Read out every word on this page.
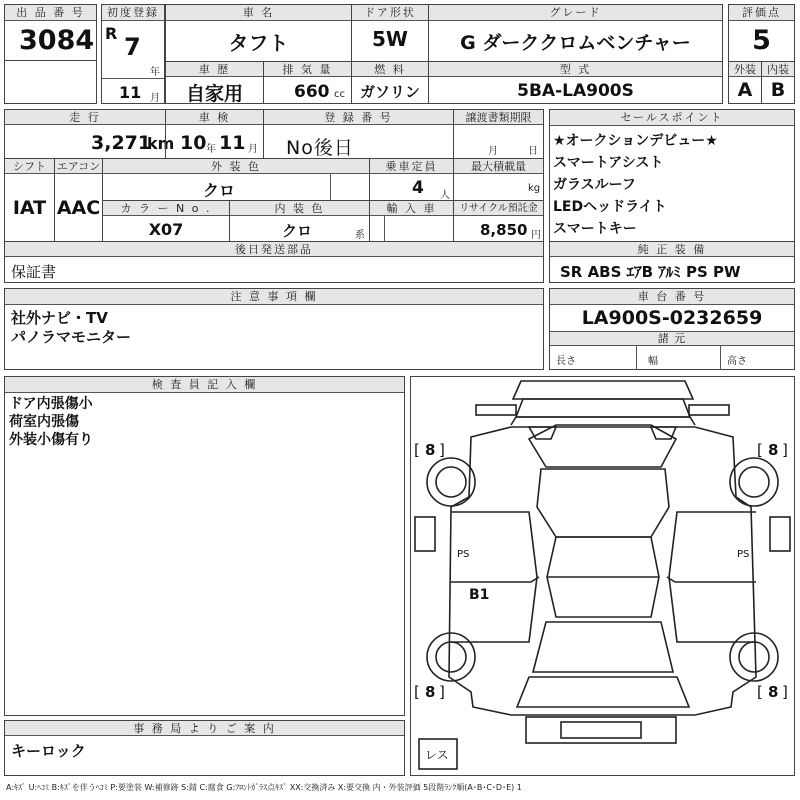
出 品 番 号
3084
初度登録
R 7
年
11 月
車 名
タフト
ドア形状
5W
グレード
G ダーククロムベンチャー
評価点
5
車 歴
自家用
排 気 量
660 cc
燃 料
ガソリン
型 式
5BA-LA900S
外装
A
内装
B
走 行
3,271
km
車 検
10 年 11 月
登 録 番 号
No後日
譲渡書類期限
月	日
シフト
IAT
エアコン
AAC
外 装 色
クロ
乗車定員
4 人
最大積載量
kg
カ ラ ー N o .
X07
内 装 色
クロ	系
輸 入 車	リサイクル預託金
8,850 円
後日発送部品
保証書
セールスポイント
★オークションデビュー★
スマートアシスト
ガラスルーフ
LEDヘッドライト
スマートキー
純 正 装 備
SR ABS ｴｱB ｱﾙﾐ PS PW
注 意 事 項 欄
社外ナビ・TV
パノラマモニター
車 台 番 号
LA900S-0232659
諸 元
長さ	幅	高さ
検 査 員 記 入 欄
ドア内張傷小
荷室内張傷
外装小傷有り
事 務 局 よ り ご 案 内
キーロック
[ 8 ]	[ 8 ]
[ 8 ]	[ 8 ]
B1
PS	PS
レス
A:ｷｽﾞ U:ﾍｺﾐ B:ｷｽﾞを伴うﾍｺﾐ P:要塗装 W:補修跡 S:錆 C:腐食 G:ﾌﾛﾝﾄｶﾞﾗｽ点ｷｽﾞ XX:交換済み X:要交換 内・外装評価 5段階ﾗﾝｸ順(A･B･C･D･E) 1
